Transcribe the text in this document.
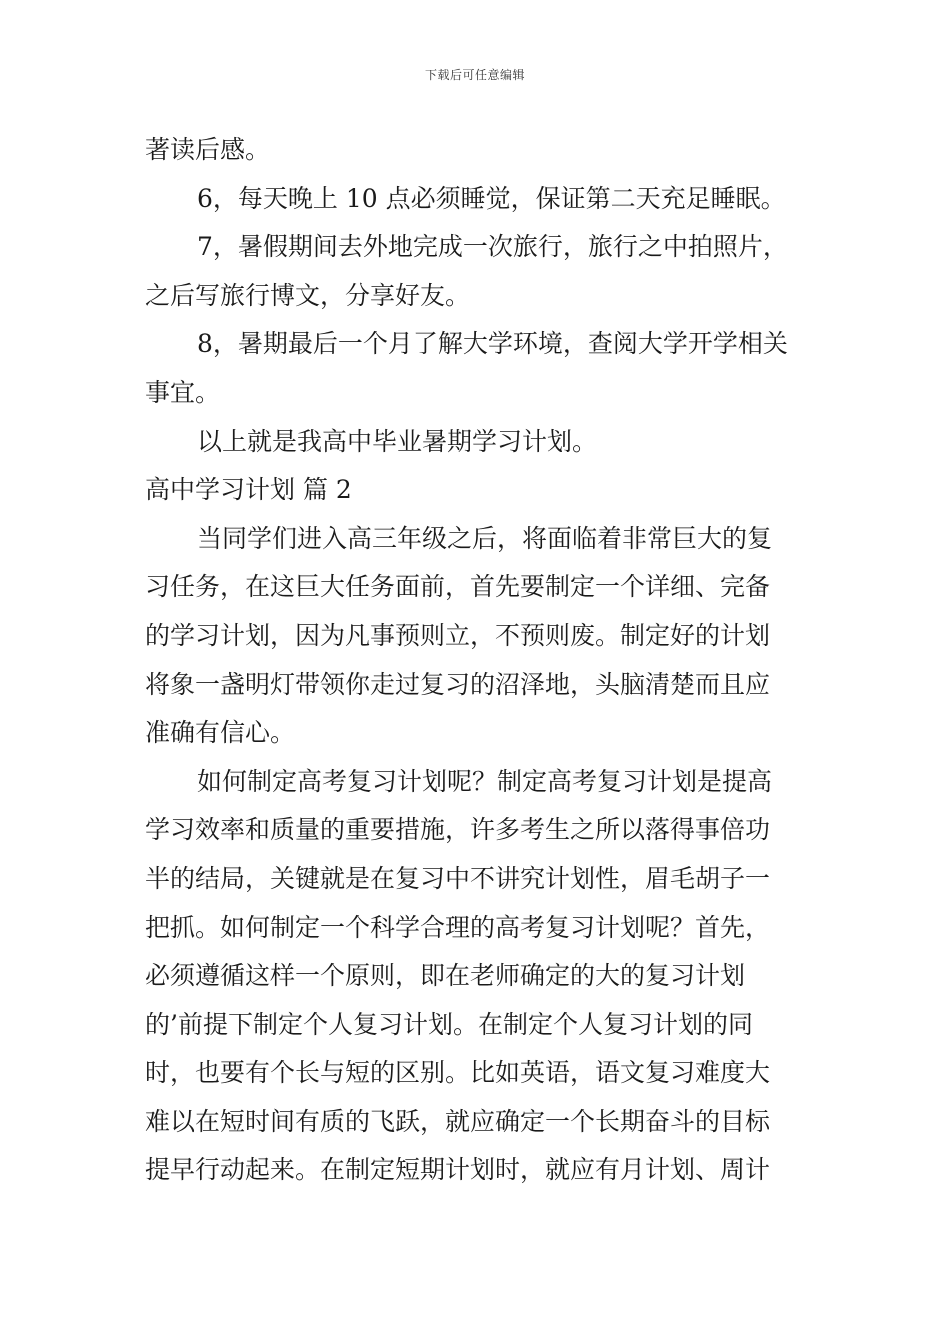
下载后可任意编辑
著读后感。
6，每天晚上 10 点必须睡觉，保证第二天充足睡眠。
7，暑假期间去外地完成一次旅行，旅行之中拍照片，
之后写旅行博文，分享好友。
8，暑期最后一个月了解大学环境，查阅大学开学相关
事宜。
以上就是我高中毕业暑期学习计划。
高中学习计划 篇 2
当同学们进入高三年级之后，将面临着非常巨大的复
习任务，在这巨大任务面前，首先要制定一个详细、完备
的学习计划，因为凡事预则立，不预则废。制定好的计划
将象一盏明灯带领你走过复习的沼泽地，头脑清楚而且应
准确有信心。
如何制定高考复习计划呢？制定高考复习计划是提高
学习效率和质量的重要措施，许多考生之所以落得事倍功
半的结局，关键就是在复习中不讲究计划性，眉毛胡子一
把抓。如何制定一个科学合理的高考复习计划呢？首先，
必须遵循这样一个原则，即在老师确定的大的复习计划
的’前提下制定个人复习计划。在制定个人复习计划的同
时，也要有个长与短的区别。比如英语，语文复习难度大
难以在短时间有质的飞跃，就应确定一个长期奋斗的目标
提早行动起来。在制定短期计划时，就应有月计划、周计
